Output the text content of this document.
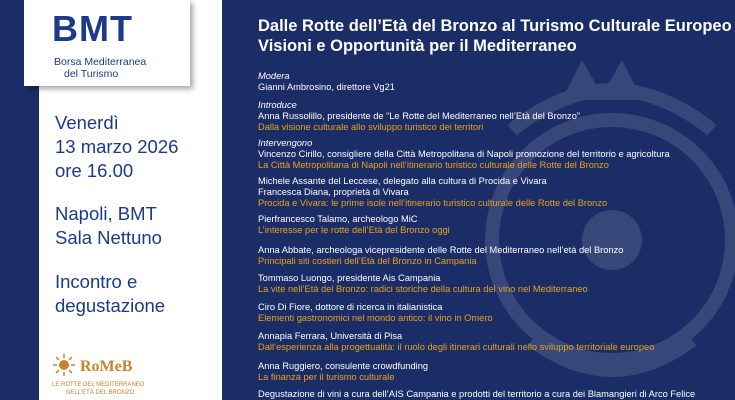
Venerdì
13 marzo 2026
ore 16.00
Napoli, BMT
Sala Nettuno
Incontro e
degustazione
RoMeB
LE ROTTE DEL MEDITERRANEO
NELL'ETÀ DEL BRONZO
BMT
Borsa Mediterranea
del Turismo
Dalle Rotte dell’Età del Bronzo al Turismo Culturale Europeo
Visioni e Opportunità per il Mediterraneo
Modera
Gianni Ambrosino, direttore Vg21
Introduce
Anna Russolillo, presidente de “Le Rotte del Mediterraneo nell’Età del Bronzo”
Dalla visione culturale allo sviluppo turistico dei territori
Intervengono
Vincenzo Cirillo, consigliere della Città Metropolitana di Napoli promozione del territorio e agricoltura
La Città Metropolitana di Napoli nell’itinerario turistico culturale delle Rotte del Bronzo
Michele Assante del Leccese, delegato alla cultura di Procida e Vivara
Francesca Diana, proprietà di Vivara
Procida e Vivara: le prime isole nell’itinerario turistico culturale delle Rotte del Bronzo
Pierfrancesco Talamo, archeologo MiC
L’interesse per le rotte dell’Età del Bronzo oggi
Anna Abbate, archeologa vicepresidente delle Rotte del Mediterraneo nell’età del Bronzo
Principali siti costieri dell’Età del Bronzo in Campania
Tommaso Luongo, presidente Ais Campania
La vite nell’Età del Bronzo: radici storiche della cultura del vino nel Mediterraneo
Ciro Di Fiore, dottore di ricerca in italianistica
Elementi gastronomici nel mondo antico: il vino in Omero
Annapia Ferrara, Università di Pisa
Dall’esperienza alla progettualità: il ruolo degli itinerari culturali nello sviluppo territoriale europeo
Anna Ruggiero, consulente crowdfunding
La finanza per il turismo culturale
Degustazione di vini a cura dell’AIS Campania e prodotti del territorio a cura dei Blamangieri di Arco Felice
